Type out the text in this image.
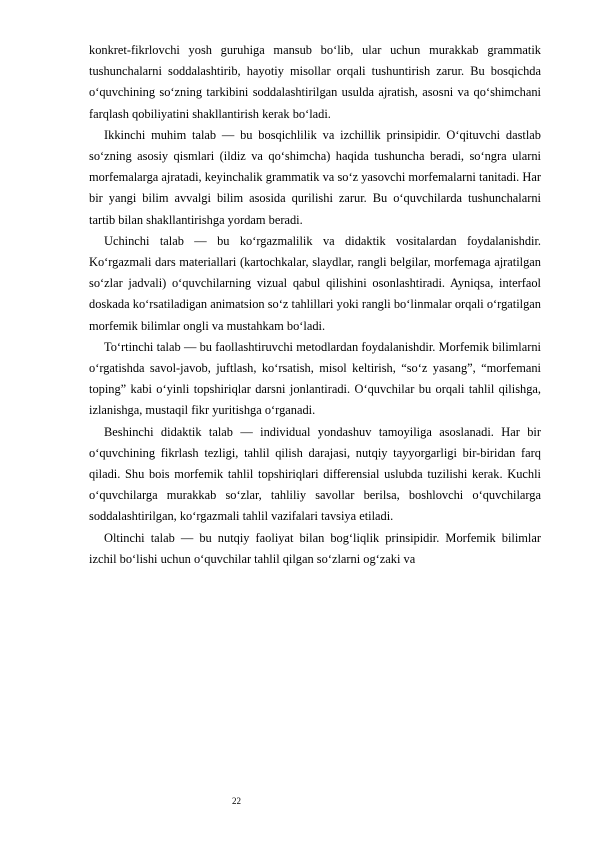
konkret-fikrlovchi yosh guruhiga mansub bo‘lib, ular uchun murakkab grammatik tushunchalarni soddalashtirib, hayotiy misollar orqali tushuntirish zarur. Bu bosqichda o‘quvchining so‘zning tarkibini soddalashtirilgan usulda ajratish, asosni va qo‘shimchani farqlash qobiliyatini shakllantirish kerak bo‘ladi.

Ikkinchi muhim talab — bu bosqichlilik va izchillik prinsipidir. O‘qituvchi dastlab so‘zning asosiy qismlari (ildiz va qo‘shimcha) haqida tushuncha beradi, so‘ngra ularni morfemalarga ajratadi, keyinchalik grammatik va so‘z yasovchi morfemalarni tanitadi. Har bir yangi bilim avvalgi bilim asosida qurilishi zarur. Bu o‘quvchilarda tushunchalarni tartib bilan shakllantirishga yordam beradi.

Uchinchi talab — bu ko‘rgazmalilik va didaktik vositalardan foydalanishdir. Ko‘rgazmali dars materiallari (kartochkalar, slaydlar, rangli belgilar, morfemaga ajratilgan so‘zlar jadvali) o‘quvchilarning vizual qabul qilishini osonlashtiradi. Ayniqsa, interfaol doskada ko‘rsatiladigan animatsion so‘z tahlillari yoki rangli bo‘linmalar orqali o‘rgatilgan morfemik bilimlar ongli va mustahkam bo‘ladi.

To‘rtinchi talab — bu faollashtiruvchi metodlardan foydalanishdir. Morfemik bilimlarni o‘rgatishda savol-javob, juftlash, ko‘rsatish, misol keltirish, “so‘z yasang”, “morfemani toping” kabi o‘yinli topshiriqlar darsni jonlantiradi. O‘quvchilar bu orqali tahlil qilishga, izlanishga, mustaqil fikr yuritishga o‘rganadi.

Beshinchi didaktik talab — individual yondashuv tamoyiliga asoslanadi. Har bir o‘quvchining fikrlash tezligi, tahlil qilish darajasi, nutqiy tayyorgarligi bir-biridan farq qiladi. Shu bois morfemik tahlil topshiriqlari differensial uslubda tuzilishi kerak. Kuchli o‘quvchilarga murakkab so‘zlar, tahliliy savollar berilsa, boshlovchi o‘quvchilarga soddalashtirilgan, ko‘rgazmali tahlil vazifalari tavsiya etiladi.

Oltinchi talab — bu nutqiy faoliyat bilan bog‘liqlik prinsipidir. Morfemik bilimlar izchil bo‘lishi uchun o‘quvchilar tahlil qilgan so‘zlarni og‘zaki va

22
